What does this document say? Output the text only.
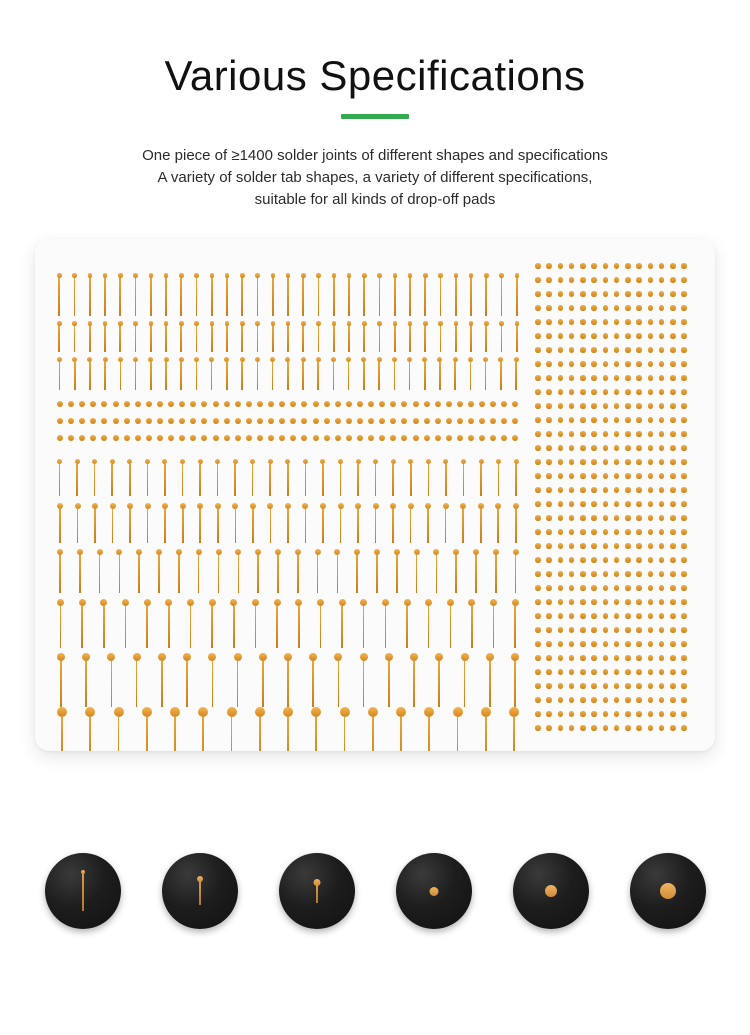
Various Specifications
One piece of ≥1400 solder joints of different shapes and specifications
A variety of solder tab shapes, a variety of different specifications,
suitable for all kinds of drop-off pads
